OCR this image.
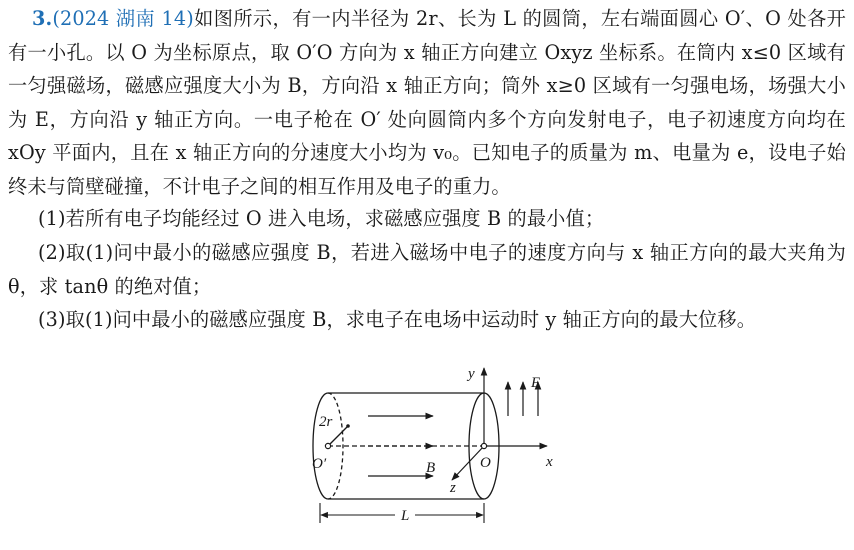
3.(2024 湖南 14)如图所示，有一内半径为 2r、长为 L 的圆筒，左右端面圆心 O′、O 处各开有一小孔。以 O 为坐标原点，取 O′O 方向为 x 轴正方向建立 Oxyz 坐标系。在筒内 x≤0 区域有一匀强磁场，磁感应强度大小为 B，方向沿 x 轴正方向；筒外 x≥0 区域有一匀强电场，场强大小为 E，方向沿 y 轴正方向。一电子枪在 O′ 处向圆筒内多个方向发射电子，电子初速度方向均在 xOy 平面内，且在 x 轴正方向的分速度大小均为 v₀。已知电子的质量为 m、电量为 e，设电子始终未与筒壁碰撞，不计电子之间的相互作用及电子的重力。
(1)若所有电子均能经过 O 进入电场，求磁感应强度 B 的最小值；
(2)取(1)问中最小的磁感应强度 B，若进入磁场中电子的速度方向与 x 轴正方向的最大夹角为 θ，求 tanθ 的绝对值；
(3)取(1)问中最小的磁感应强度 B，求电子在电场中运动时 y 轴正方向的最大位移。
y
E
2r
O′	O	x
B
z
L
